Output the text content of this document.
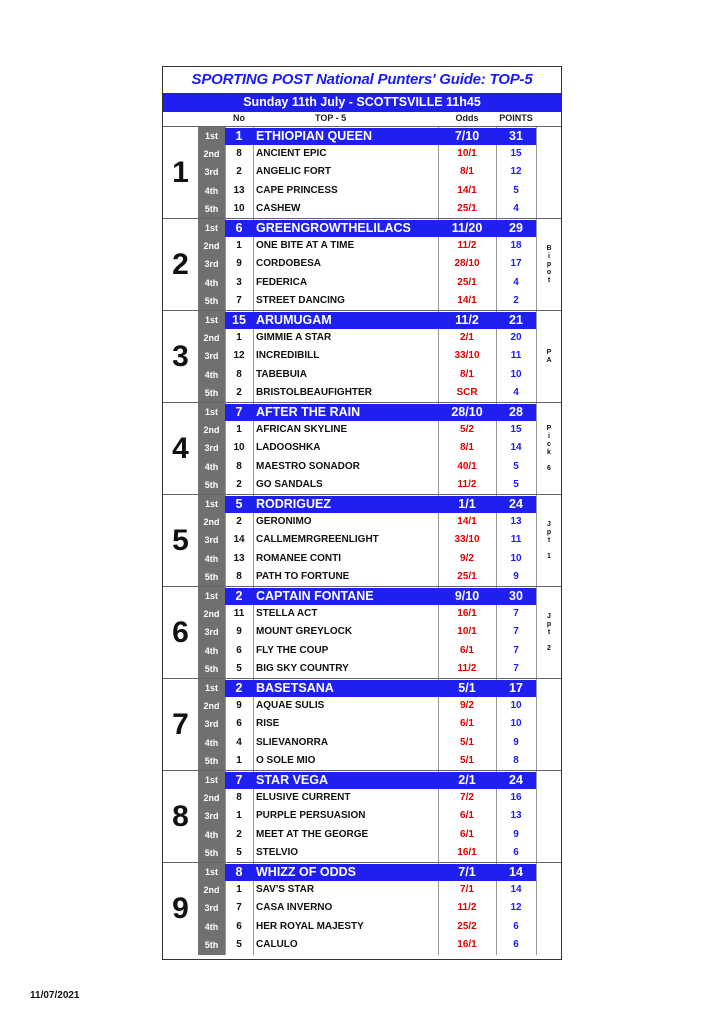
SPORTING POST National Punters' Guide: TOP-5
Sunday 11th July - SCOTTSVILLE 11h45
No	TOP - 5	Odds	POINTS
1
1st	1	ETHIOPIAN QUEEN	7/10	31
2nd	8	ANCIENT EPIC	10/1	15
3rd	2	ANGELIC FORT	8/1	12
4th	13	CAPE PRINCESS	14/1	5
5th	10	CASHEW	25/1	4
2
1st	6	GREENGROWTHELILACS	11/20	29
2nd	1	ONE BITE AT A TIME	11/2	18
3rd	9	CORDOBESA	28/10	17
4th	3	FEDERICA	25/1	4
5th	7	STREET DANCING	14/1	2
B
i
p
o
t
3
1st	15 ARUMUGAM	11/2	21
2nd	1	GIMMIE A STAR	2/1	20
3rd	12	INCREDIBILL	33/10	11
4th	8	TABEBUIA	8/1	10
5th	2	BRISTOLBEAUFIGHTER	SCR	4
P
A
4
1st	7	AFTER THE RAIN	28/10	28
2nd	1	AFRICAN SKYLINE	5/2	15
3rd	10	LADOOSHKA	8/1	14
4th	8	MAESTRO SONADOR	40/1	5
5th	2	GO SANDALS	11/2	5
P
i
c
k
6
5
1st	5	RODRIGUEZ	1/1	24
2nd	2	GERONIMO	14/1	13
3rd	14	CALLMEMRGREENLIGHT	33/10	11
4th	13	ROMANEE CONTI	9/2	10
5th	8	PATH TO FORTUNE	25/1	9
J
p
t
1
6
1st	2	CAPTAIN FONTANE	9/10	30
2nd	11	STELLA ACT	16/1	7
3rd	9	MOUNT GREYLOCK	10/1	7
4th	6	FLY THE COUP	6/1	7
5th	5	BIG SKY COUNTRY	11/2	7
J
p
t
2
7
1st	2	BASETSANA	5/1	17
2nd	9	AQUAE SULIS	9/2	10
3rd	6	RISE	6/1	10
4th	4	SLIEVANORRA	5/1	9
5th	1	O SOLE MIO	5/1	8
8
1st	7	STAR VEGA	2/1	24
2nd	8	ELUSIVE CURRENT	7/2	16
3rd	1	PURPLE PERSUASION	6/1	13
4th	2	MEET AT THE GEORGE	6/1	9
5th	5	STELVIO	16/1	6
9
1st	8	WHIZZ OF ODDS	7/1	14
2nd	1	SAV'S STAR	7/1	14
3rd	7	CASA INVERNO	11/2	12
4th	6	HER ROYAL MAJESTY	25/2	6
5th	5	CALULO	16/1	6
11/07/2021
